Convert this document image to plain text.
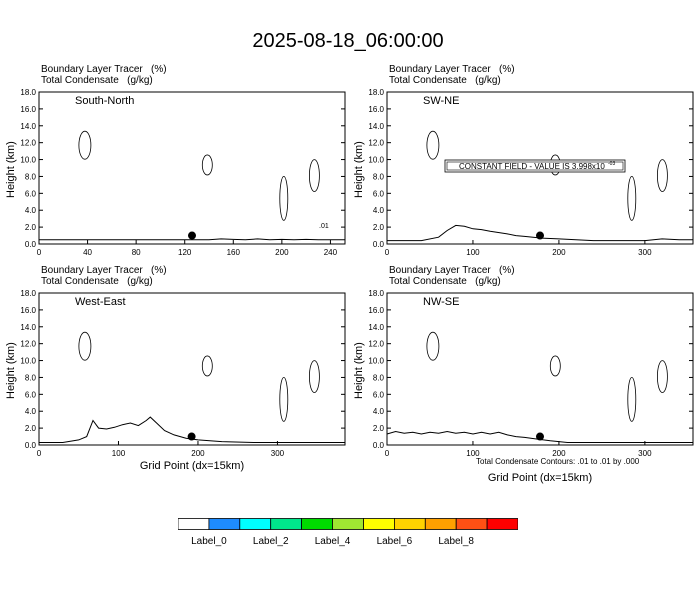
2025-08-18_06:00:00
0.0
2.0
4.0
6.0
8.0
10.0
12.0
14.0
16.0
18.0
0	40	80	120	160	200	240
South-North
.01
0.0
2.0
4.0
6.0
8.0
10.0
12.0
14.0
16.0
18.0
0	100	200	300
SW-NE
CONSTANT FIELD - VALUE IS 3.998x10 -03
0.0
2.0
4.0
6.0
8.0
10.0
12.0
14.0
16.0
18.0
0	100	200	300
West-East
0.0
2.0
4.0
6.0
8.0
10.0
12.0
14.0
16.0
18.0
0	100	200	300
NW-SE
Total Condensate Contours: .01 to .01 by .000
Label_0	Label_2	Label_4	Label_6	Label_8
Boundary Layer Tracer   (%)
Total Condensate   (g/kg)
Height (km)
Boundary Layer Tracer   (%)
Total Condensate   (g/kg)
Height (km)
Boundary Layer Tracer   (%)
Total Condensate   (g/kg)
Height (km)
Grid Point (dx=15km)
Boundary Layer Tracer   (%)
Total Condensate   (g/kg)
Height (km)
Grid Point (dx=15km)
